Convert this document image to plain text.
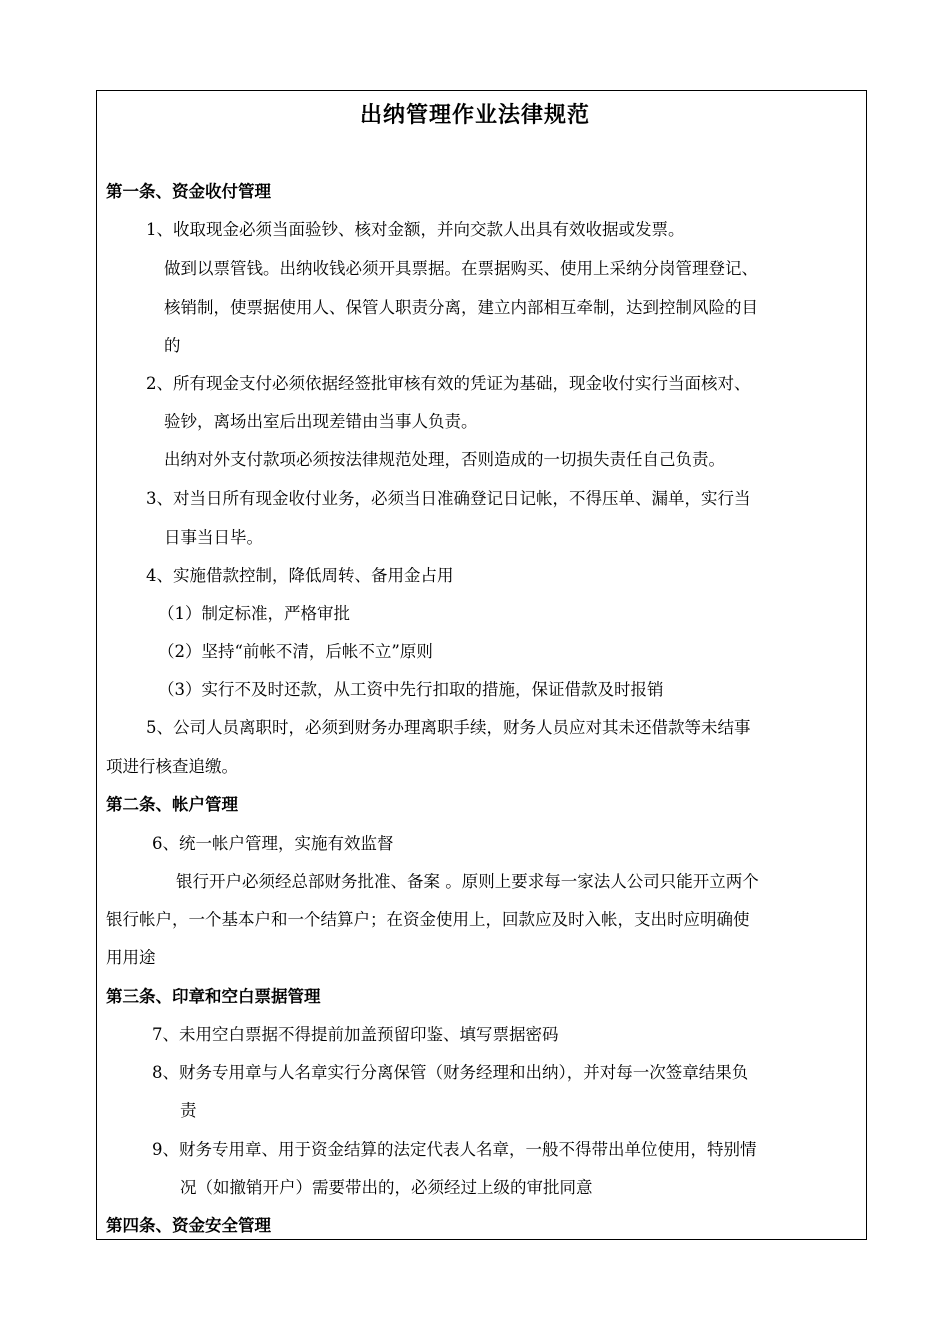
出纳管理作业法律规范
第一条、资金收付管理
1、收取现金必须当面验钞、核对金额，并向交款人出具有效收据或发票。
做到以票管钱。出纳收钱必须开具票据。在票据购买、使用上采纳分岗管理登记、
核销制，使票据使用人、保管人职责分离，建立内部相互牵制，达到控制风险的目
的
2、所有现金支付必须依据经签批审核有效的凭证为基础，现金收付实行当面核对、
验钞，离场出室后出现差错由当事人负责。
出纳对外支付款项必须按法律规范处理，否则造成的一切损失责任自己负责。
3、对当日所有现金收付业务，必须当日准确登记日记帐，不得压单、漏单，实行当
日事当日毕。
4、实施借款控制，降低周转、备用金占用
（1）制定标准，严格审批
（2）坚持“前帐不清，后帐不立”原则
（3）实行不及时还款，从工资中先行扣取的措施，保证借款及时报销
5、公司人员离职时，必须到财务办理离职手续，财务人员应对其未还借款等未结事
项进行核查追缴。
第二条、帐户管理
6、统一帐户管理，实施有效监督
银行开户必须经总部财务批准、备案 。原则上要求每一家法人公司只能开立两个
银行帐户，一个基本户和一个结算户；在资金使用上，回款应及时入帐，支出时应明确使
用用途
第三条、印章和空白票据管理
7、未用空白票据不得提前加盖预留印鉴、填写票据密码
8、财务专用章与人名章实行分离保管（财务经理和出纳），并对每一次签章结果负
责
9、财务专用章、用于资金结算的法定代表人名章，一般不得带出单位使用，特别情
况（如撤销开户）需要带出的，必须经过上级的审批同意
第四条、资金安全管理
